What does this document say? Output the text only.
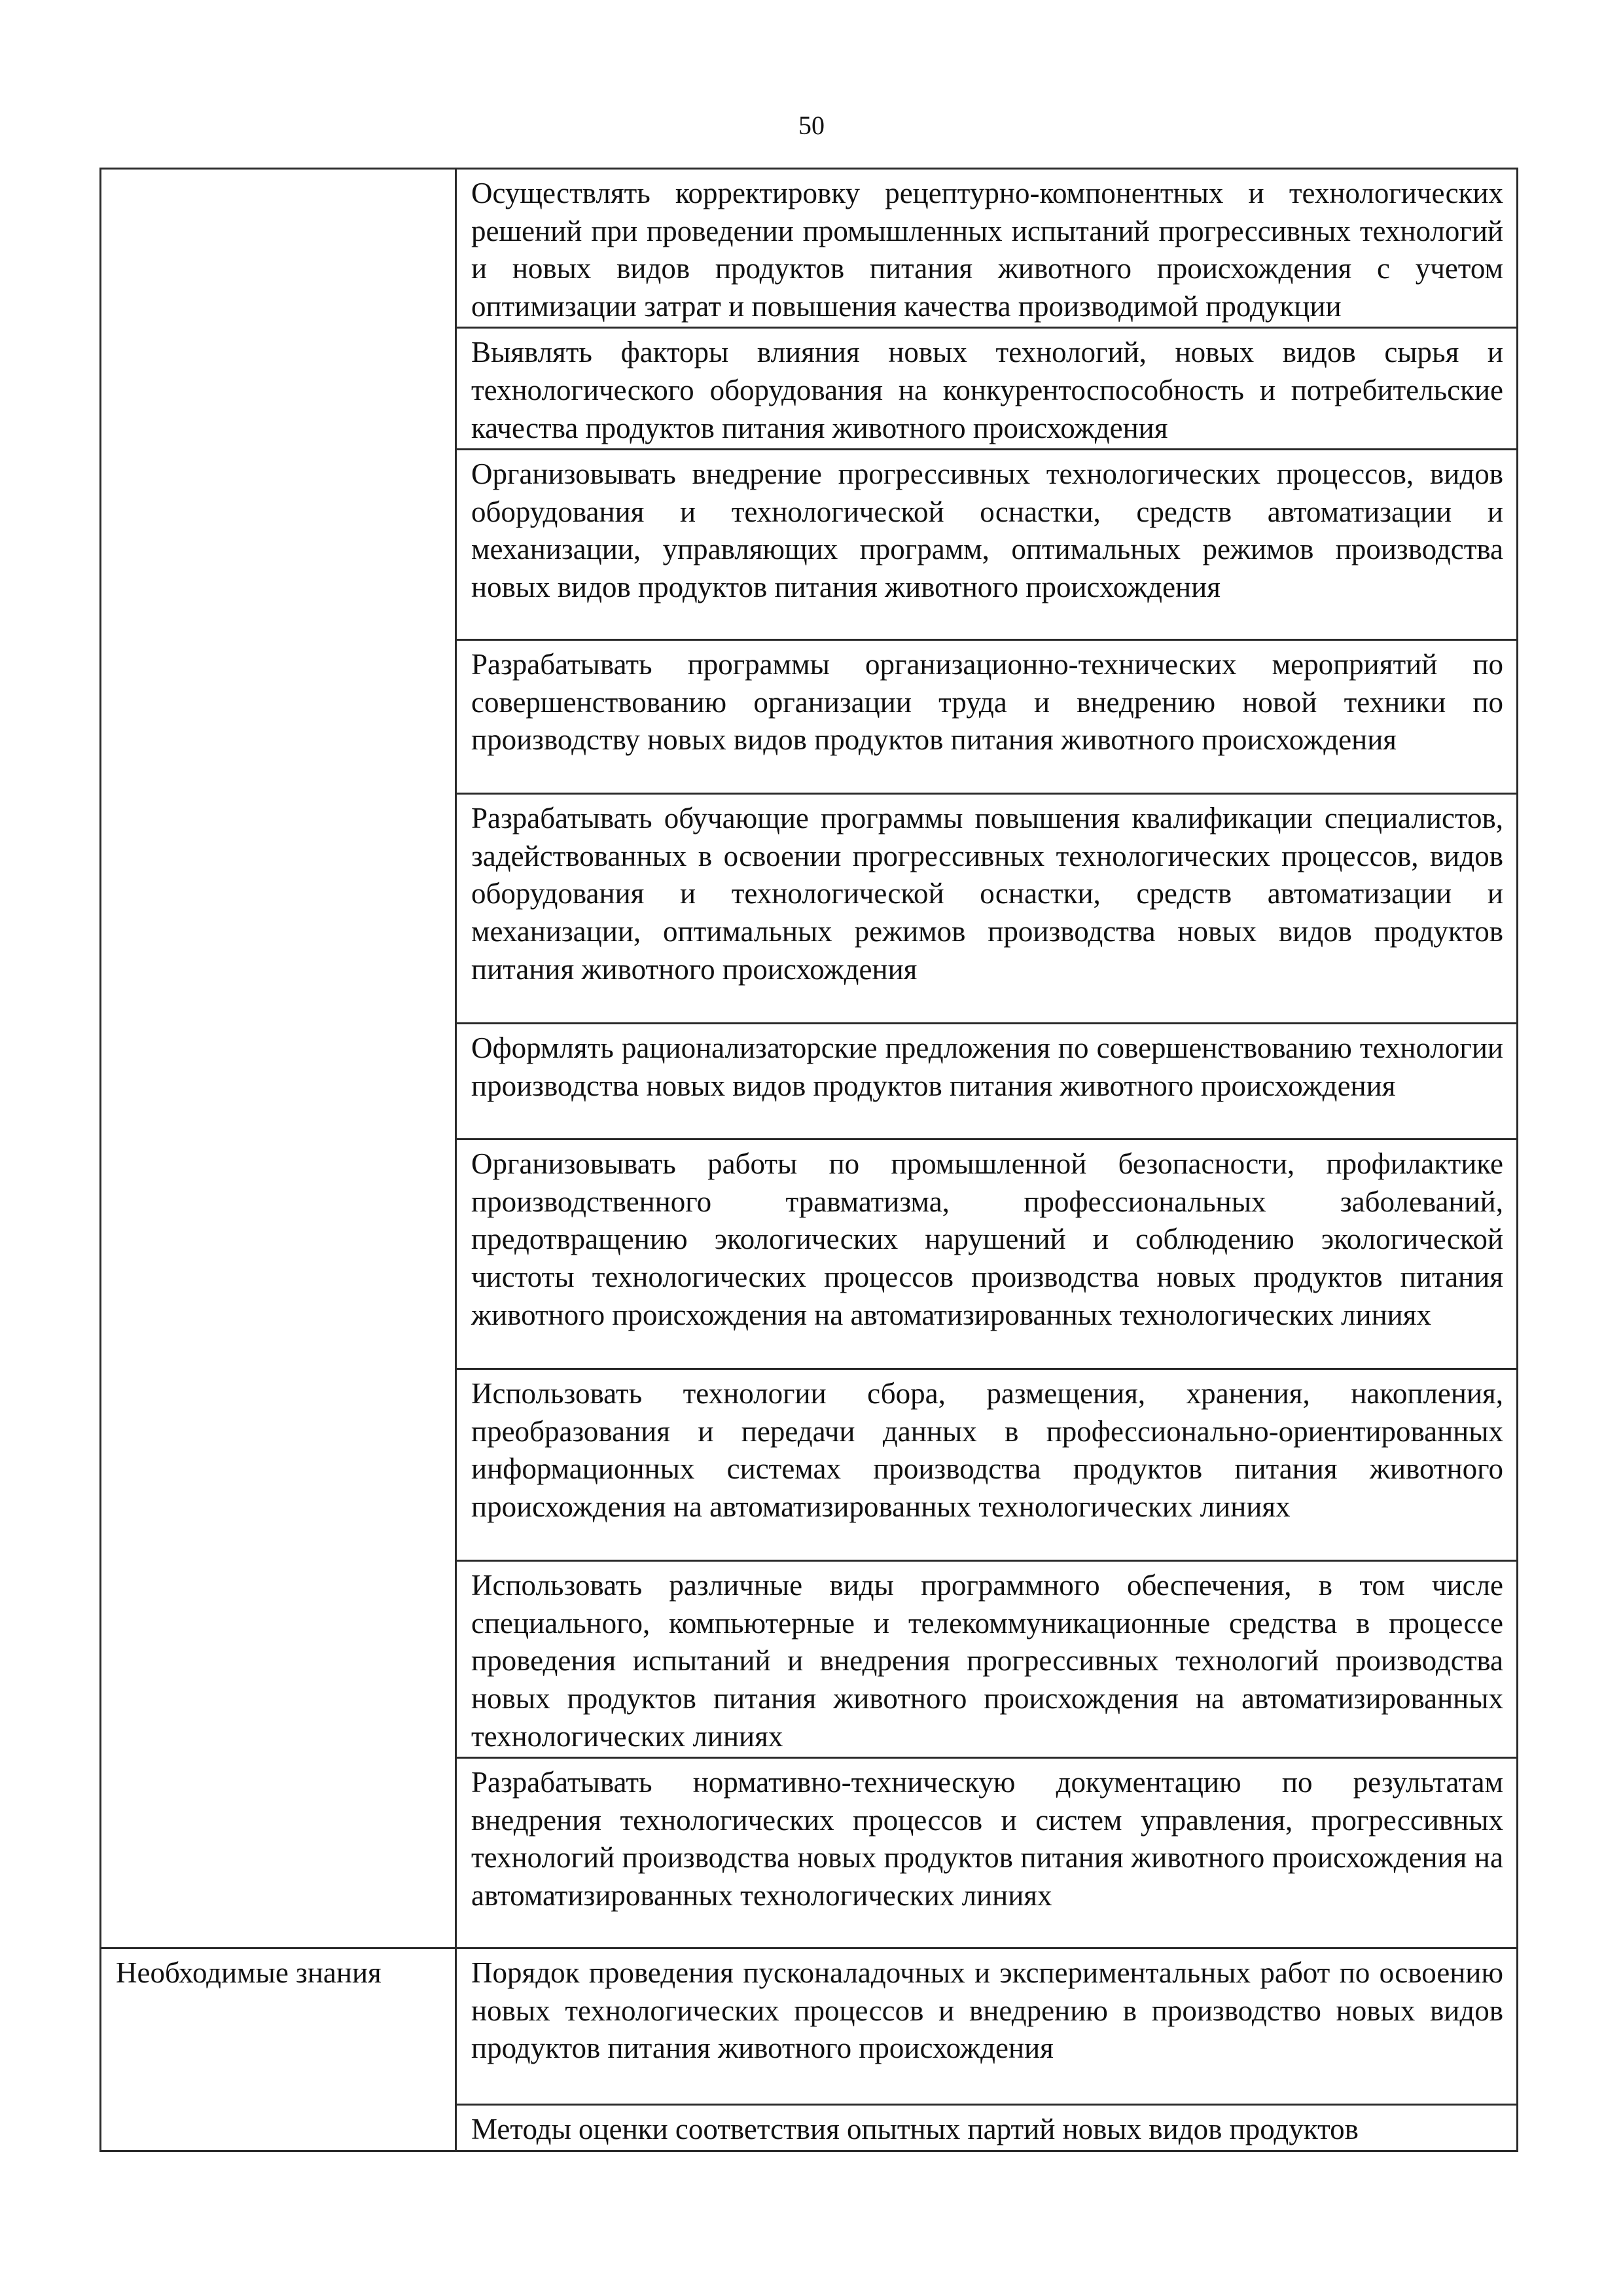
50
	Осуществлять корректировку рецептурно-компонентных и технологических решений при проведении промышленных испытаний прогрессивных технологий и новых видов продуктов питания животного происхождения с учетом оптимизации затрат и повышения качества производимой продукции
	Выявлять факторы влияния новых технологий, новых видов сырья и технологического оборудования на конкурентоспособность и потребительские качества продуктов питания животного происхождения
	Организовывать внедрение прогрессивных технологических процессов, видов оборудования и технологической оснастки, средств автоматизации и механизации, управляющих программ, оптимальных режимов производства новых видов продуктов питания животного происхождения
	Разрабатывать программы организационно-технических мероприятий по совершенствованию организации труда и внедрению новой техники по производству новых видов продуктов питания животного происхождения
	Разрабатывать обучающие программы повышения квалификации специалистов, задействованных в освоении прогрессивных технологических процессов, видов оборудования и технологической оснастки, средств автоматизации и механизации, оптимальных режимов производства новых видов продуктов питания животного происхождения
	Оформлять рационализаторские предложения по совершенствованию технологии производства новых видов продуктов питания животного происхождения
	Организовывать работы по промышленной безопасности, профилактике производственного травматизма, профессиональных заболеваний, предотвращению экологических нарушений и соблюдению экологической чистоты технологических процессов производства новых продуктов питания животного происхождения на автоматизированных технологических линиях
	Использовать технологии сбора, размещения, хранения, накопления, преобразования и передачи данных в профессионально-ориентированных информационных системах производства продуктов питания животного происхождения на автоматизированных технологических линиях
	Использовать различные виды программного обеспечения, в том числе специального, компьютерные и телекоммуникационные средства в процессе проведения испытаний и внедрения прогрессивных технологий производства новых продуктов питания животного происхождения на автоматизированных технологических линиях
	Разрабатывать нормативно-техническую документацию по результатам внедрения технологических процессов и систем управления, прогрессивных технологий производства новых продуктов питания животного происхождения на автоматизированных технологических линиях
Необходимые знания	Порядок проведения пусконаладочных и экспериментальных работ по освоению новых технологических процессов и внедрению в производство новых видов продуктов питания животного происхождения
	Методы оценки соответствия опытных партий новых видов продуктов
